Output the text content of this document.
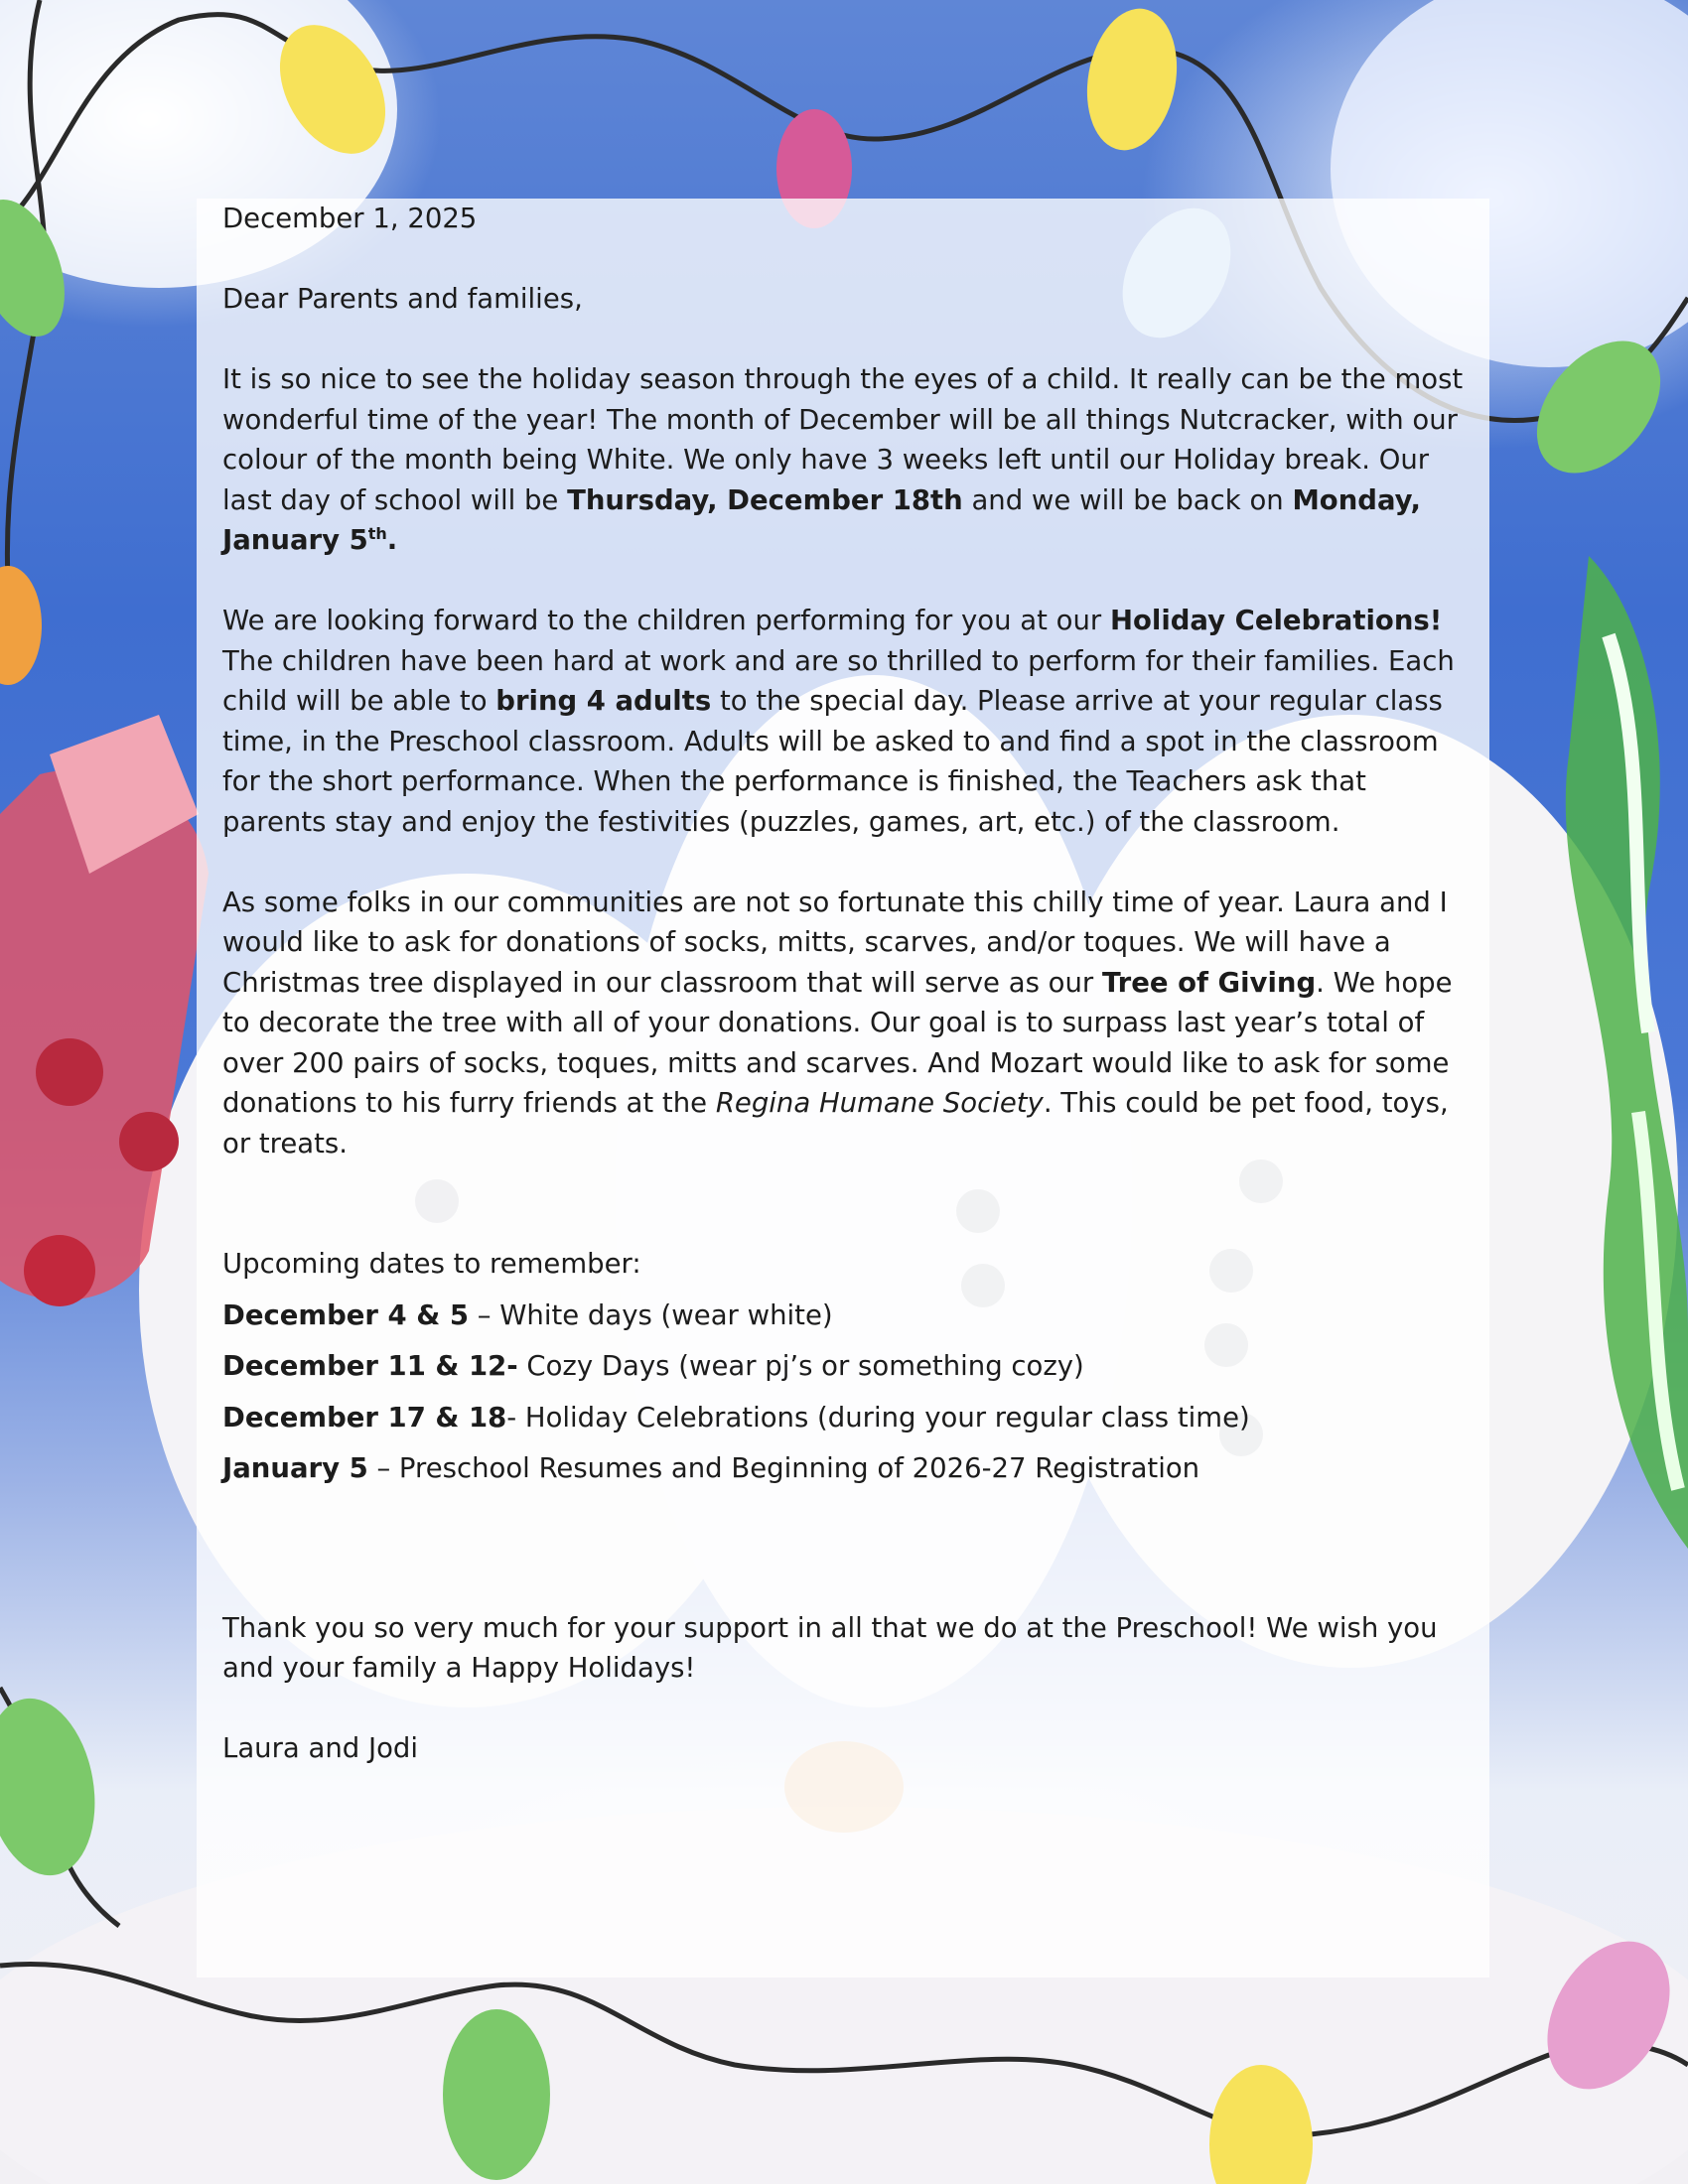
December 1, 2025

Dear Parents and families,

It is so nice to see the holiday season through the eyes of a child. It really can be the most wonderful time of the year! The month of December will be all things Nutcracker, with our colour of the month being White. We only have 3 weeks left until our Holiday break. Our last day of school will be Thursday, December 18th and we will be back on Monday, January 5th.

We are looking forward to the children performing for you at our Holiday Celebrations! The children have been hard at work and are so thrilled to perform for their families. Each child will be able to bring 4 adults to the special day. Please arrive at your regular class time, in the Preschool classroom. Adults will be asked to and find a spot in the classroom for the short performance. When the performance is finished, the Teachers ask that parents stay and enjoy the festivities (puzzles, games, art, etc.) of the classroom.

As some folks in our communities are not so fortunate this chilly time of year. Laura and I would like to ask for donations of socks, mitts, scarves, and/or toques. We will have a Christmas tree displayed in our classroom that will serve as our Tree of Giving. We hope to decorate the tree with all of your donations. Our goal is to surpass last year’s total of over 200 pairs of socks, toques, mitts and scarves. And Mozart would like to ask for some donations to his furry friends at the Regina Humane Society. This could be pet food, toys, or treats.

Upcoming dates to remember:

December 4 & 5 – White days (wear white)

December 11 & 12- Cozy Days (wear pj’s or something cozy)

December 17 & 18- Holiday Celebrations (during your regular class time)

January 5 – Preschool Resumes and Beginning of 2026-27 Registration

Thank you so very much for your support in all that we do at the Preschool! We wish you and your family a Happy Holidays!

Laura and Jodi
